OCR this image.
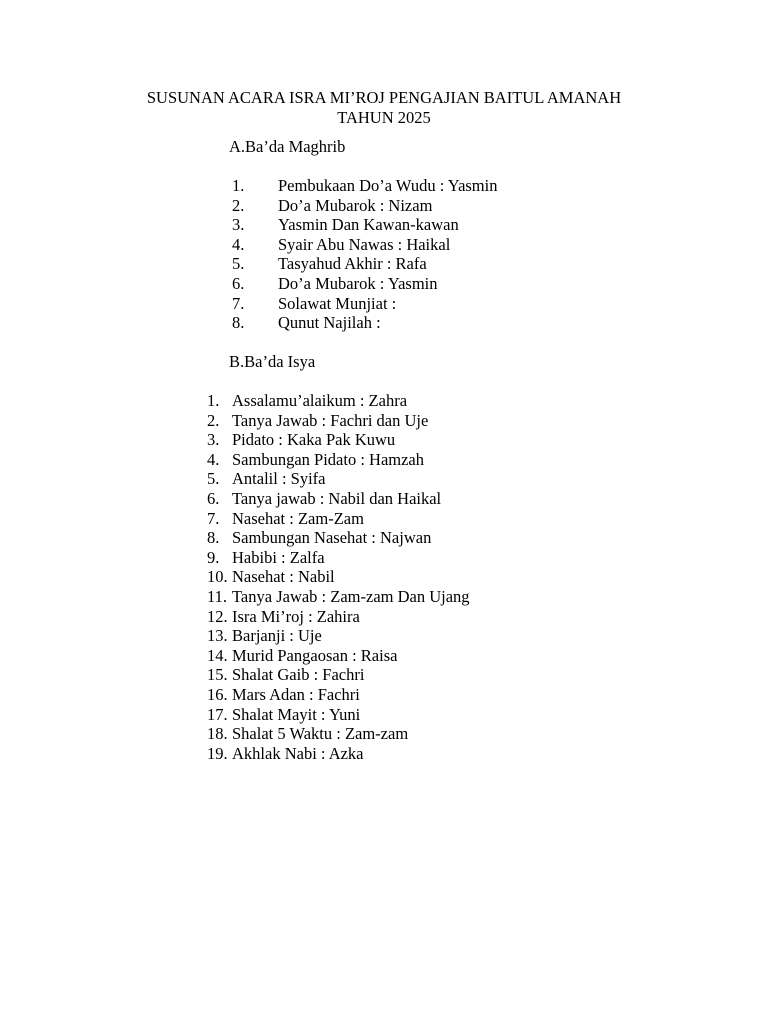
SUSUNAN ACARA ISRA MI’ROJ PENGAJIAN BAITUL AMANAH
TAHUN 2025
A.Ba’da Maghrib
1. Pembukaan Do’a Wudu : Yasmin
2. Do’a Mubarok : Nizam
3. Yasmin Dan Kawan-kawan
4. Syair Abu Nawas : Haikal
5. Tasyahud Akhir : Rafa
6. Do’a Mubarok : Yasmin
7. Solawat Munjiat :
8. Qunut Najilah :
B.Ba’da Isya
1. Assalamu’alaikum : Zahra
2. Tanya Jawab : Fachri dan Uje
3. Pidato : Kaka Pak Kuwu
4. Sambungan Pidato : Hamzah
5. Antalil : Syifa
6. Tanya jawab : Nabil dan Haikal
7. Nasehat : Zam-Zam
8. Sambungan Nasehat : Najwan
9. Habibi : Zalfa
10. Nasehat : Nabil
11. Tanya Jawab : Zam-zam Dan Ujang
12. Isra Mi’roj : Zahira
13. Barjanji : Uje
14. Murid Pangaosan : Raisa
15. Shalat Gaib : Fachri
16. Mars Adan : Fachri
17. Shalat Mayit : Yuni
18. Shalat 5 Waktu : Zam-zam
19. Akhlak Nabi : Azka
